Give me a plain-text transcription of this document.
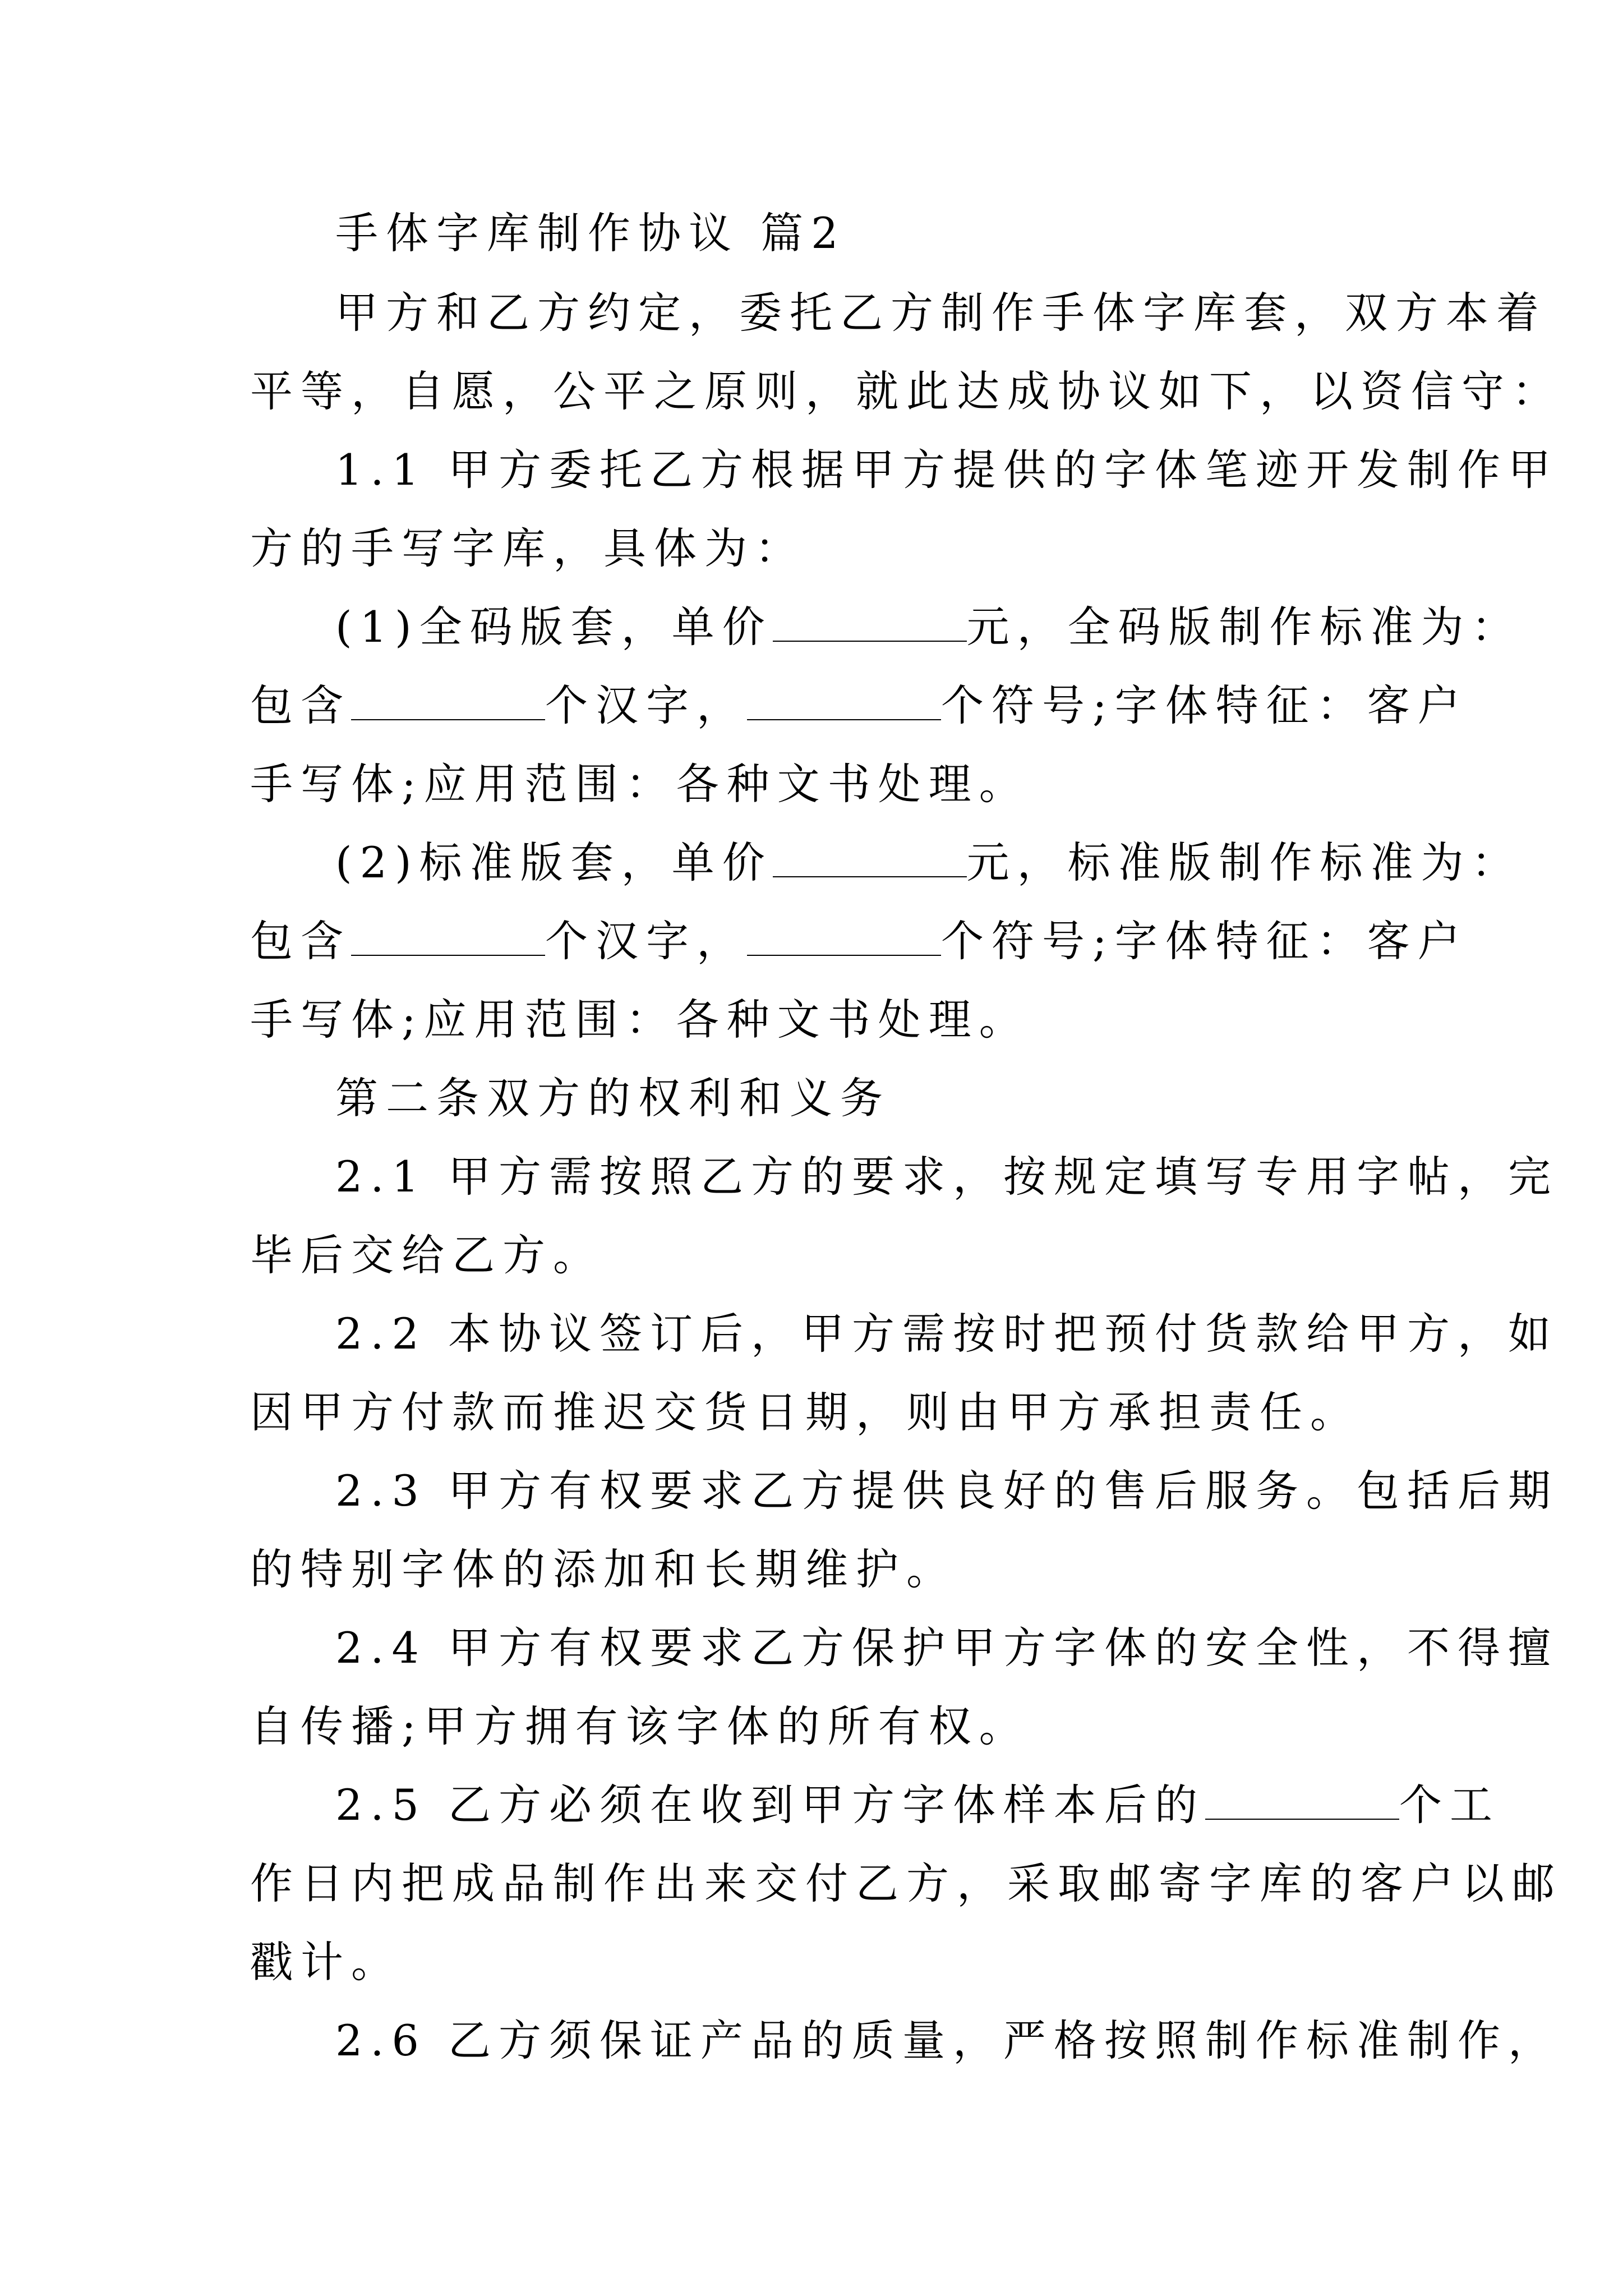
手体字库制作协议 篇2
甲方和乙方约定，委托乙方制作手体字库套，双方本着
平等，自愿，公平之原则，就此达成协议如下，以资信守：
1.1 甲方委托乙方根据甲方提供的字体笔迹开发制作甲
方的手写字库，具体为：
(1)全码版套，单价	元，全码版制作标准为：
包含	个汉字，	个符号;字体特征：客户
手写体;应用范围：各种文书处理。
(2)标准版套，单价	元，标准版制作标准为：
包含	个汉字，	个符号;字体特征：客户
手写体;应用范围：各种文书处理。
第二条双方的权利和义务
2.1 甲方需按照乙方的要求，按规定填写专用字帖，完
毕后交给乙方。
2.2 本协议签订后，甲方需按时把预付货款给甲方，如
因甲方付款而推迟交货日期，则由甲方承担责任。
2.3 甲方有权要求乙方提供良好的售后服务。包括后期
的特别字体的添加和长期维护。
2.4 甲方有权要求乙方保护甲方字体的安全性，不得擅
自传播;甲方拥有该字体的所有权。
2.5 乙方必须在收到甲方字体样本后的	个工
作日内把成品制作出来交付乙方，采取邮寄字库的客户以邮
戳计。
2.6 乙方须保证产品的质量，严格按照制作标准制作，
